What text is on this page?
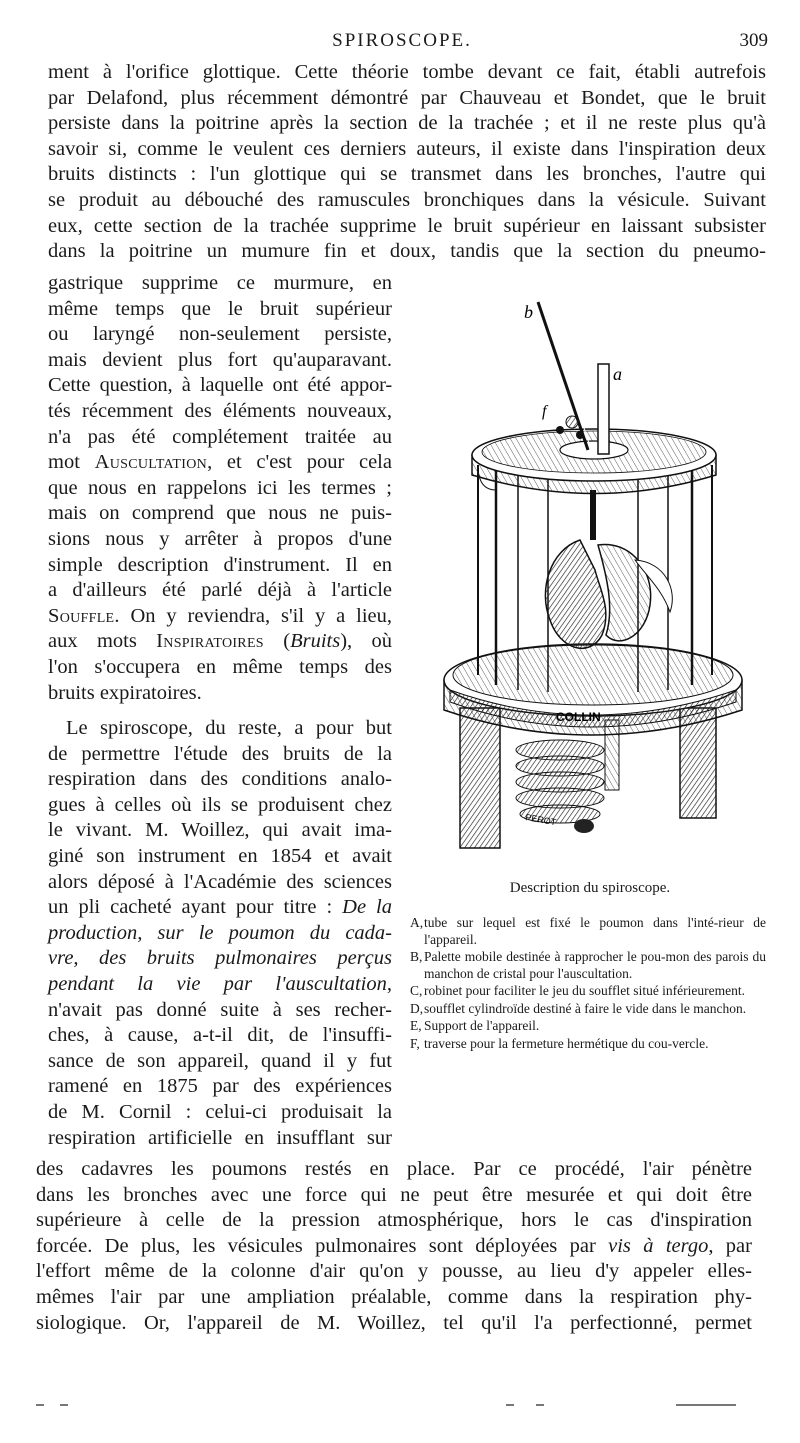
SPIROSCOPE.	309

ment à l'orifice glottique. Cette théorie tombe devant ce fait, établi autrefois
par Delafond, plus récemment démontré par Chauveau et Bondet, que le bruit
persiste dans la poitrine après la section de la trachée ; et il ne reste plus qu'à
savoir si, comme le veulent ces derniers auteurs, il existe dans l'inspiration deux
bruits distincts : l'un glottique qui se transmet dans les bronches, l'autre qui
se produit au débouché des ramuscules bronchiques dans la vésicule. Suivant
eux, cette section de la trachée supprime le bruit supérieur en laissant subsister
dans la poitrine un mumure fin et doux, tandis que la section du pneumo-

gastrique supprime ce murmure, en
même temps que le bruit supérieur
ou laryngé non-seulement persiste,
mais devient plus fort qu'auparavant.
Cette question, à laquelle ont été appor-
tés récemment des éléments nouveaux,
n'a pas été complétement traitée au
mot Auscultation, et c'est pour cela
que nous en rappelons ici les termes ;
mais on comprend que nous ne puis-
sions nous y arrêter à propos d'une
simple description d'instrument. Il en
a d'ailleurs été parlé déjà à l'article
Souffle. On y reviendra, s'il y a lieu,
aux mots Inspiratoires (Bruits), où
l'on s'occupera en même temps des
bruits expiratoires.

Le spiroscope, du reste, a pour but
de permettre l'étude des bruits de la
respiration dans des conditions analo-
gues à celles où ils se produisent chez
le vivant. M. Woillez, qui avait ima-
giné son instrument en 1854 et avait
alors déposé à l'Académie des sciences
un pli cacheté ayant pour titre : De la
production, sur le poumon du cada-
vre, des bruits pulmonaires perçus
pendant la vie par l'auscultation,
n'avait pas donné suite à ses recher-
ches, à cause, a-t-il dit, de l'insuffi-
sance de son appareil, quand il y fut
ramené en 1875 par des expériences
de M. Cornil : celui-ci produisait la
respiration artificielle en insufflant sur

des cadavres les poumons restés en place. Par ce procédé, l'air pénètre
dans les bronches avec une force qui ne peut être mesurée et qui doit être
supérieure à celle de la pression atmosphérique, hors le cas d'inspiration
forcée. De plus, les vésicules pulmonaires sont déployées par vis à tergo, par
l'effort même de la colonne d'air qu'on y pousse, au lieu d'y appeler elles-
mêmes l'air par une ampliation préalable, comme dans la respiration phy-
siologique. Or, l'appareil de M. Woillez, tel qu'il l'a perfectionné, permet

b
a
f
COLLIN
PEROT
Description du spiroscope.
A, tube sur lequel est fixé le poumon dans l'inté-rieur de l'appareil.
B, Palette mobile destinée à rapprocher le pou-mon des parois du manchon de cristal pour l'auscultation.
C, robinet pour faciliter le jeu du soufflet situé inférieurement.
D, soufflet cylindroïde destiné à faire le vide dans le manchon.
E, Support de l'appareil.
F, traverse pour la fermeture hermétique du cou-vercle.
